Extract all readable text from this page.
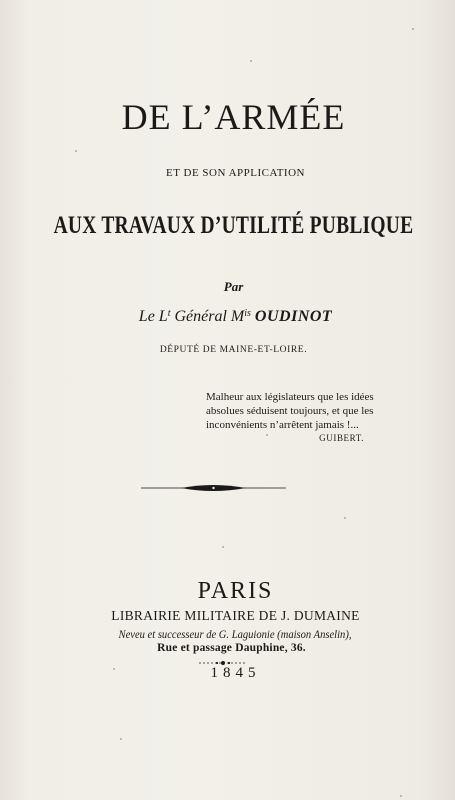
DE L’ARMÉE
ET DE SON APPLICATION
AUX TRAVAUX D’UTILITÉ PUBLIQUE
Par
Le $L^t$ Général $M^{is}$ OUDINOT
DÉPUTÉ DE MAINE-ET-LOIRE.
Malheur aux législateurs que les idées
absolues séduisent toujours, et que les
inconvénients n’arrêtent jamais !...
GUIBERT.
PARIS
LIBRAIRIE MILITAIRE DE J. DUMAINE
Neveu et successeur de G. Laguionie (maison Anselin),
Rue et passage Dauphine, 36.
1845
